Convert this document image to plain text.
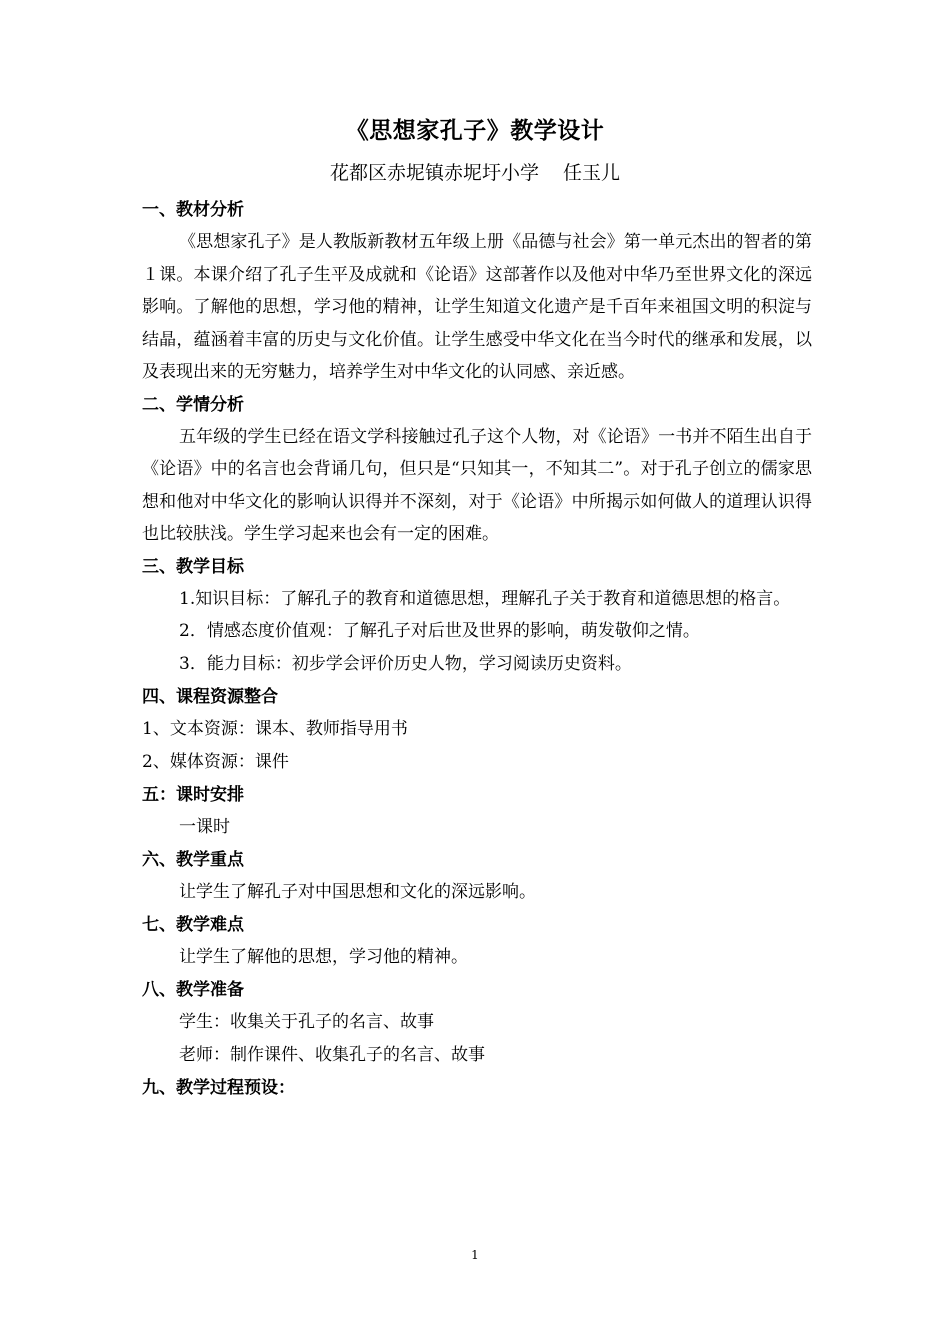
《思想家孔子》教学设计
花都区赤坭镇赤坭圩小学 任玉儿
一、教材分析
《思想家孔子》是人教版新教材五年级上册《品德与社会》第一单元杰出的智者的第１课。本课介绍了孔子生平及成就和《论语》这部著作以及他对中华乃至世界文化的深远影响。了解他的思想，学习他的精神，让学生知道文化遗产是千百年来祖国文明的积淀与结晶，蕴涵着丰富的历史与文化价值。让学生感受中华文化在当今时代的继承和发展，以及表现出来的无穷魅力，培养学生对中华文化的认同感、亲近感。
二、学情分析
五年级的学生已经在语文学科接触过孔子这个人物，对《论语》一书并不陌生出自于《论语》中的名言也会背诵几句，但只是“只知其一，不知其二”。对于孔子创立的儒家思想和他对中华文化的影响认识得并不深刻，对于《论语》中所揭示如何做人的道理认识得也比较肤浅。学生学习起来也会有一定的困难。
三、教学目标
1.知识目标：了解孔子的教育和道德思想，理解孔子关于教育和道德思想的格言。
2．情感态度价值观：了解孔子对后世及世界的影响，萌发敬仰之情。
3．能力目标：初步学会评价历史人物，学习阅读历史资料。
四、课程资源整合
1、文本资源：课本、教师指导用书
2、媒体资源：课件
五：课时安排
一课时
六、教学重点
让学生了解孔子对中国思想和文化的深远影响。
七、教学难点
让学生了解他的思想，学习他的精神。
八、教学准备
学生：收集关于孔子的名言、故事
老师：制作课件、收集孔子的名言、故事
九、教学过程预设：
1
